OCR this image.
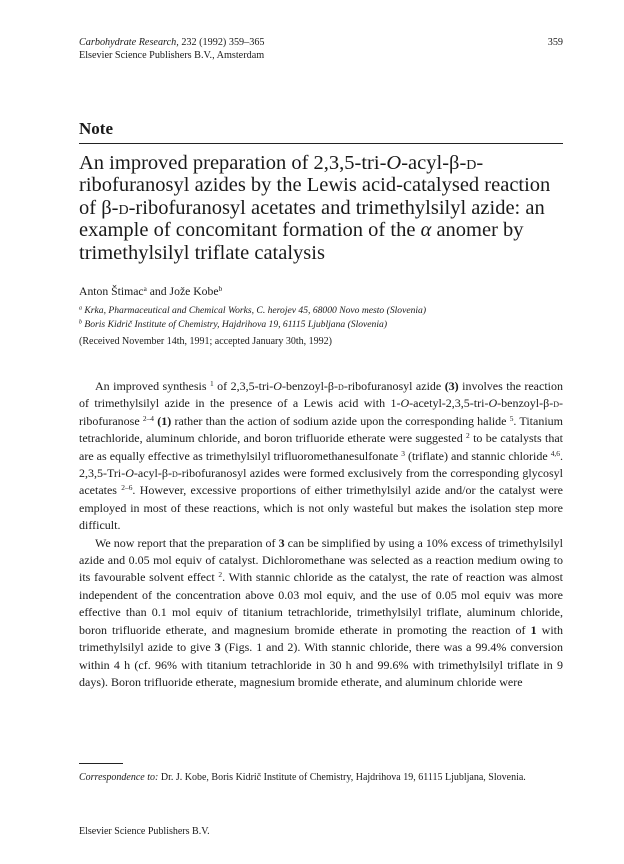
Carbohydrate Research, 232 (1992) 359–365
Elsevier Science Publishers B.V., Amsterdam
359
Note
An improved preparation of 2,3,5-tri-O-acyl-β-d-ribofuranosyl azides by the Lewis acid-catalysed reaction of β-d-ribofuranosyl acetates and trimethylsilyl azide: an example of concomitant formation of the α anomer by trimethylsilyl triflate catalysis
Anton Štimac$^a$ and Jože Kobe$^b$
$^a$ Krka, Pharmaceutical and Chemical Works, C. herojev 45, 68000 Novo mesto (Slovenia)
$^b$ Boris Kidrič Institute of Chemistry, Hajdrihova 19, 61115 Ljubljana (Slovenia)
(Received November 14th, 1991; accepted January 30th, 1992)

An improved synthesis $^1$ of 2,3,5-tri-O-benzoyl-β-d-ribofuranosyl azide (3) involves the reaction of trimethylsilyl azide in the presence of a Lewis acid with 1-O-acetyl-2,3,5-tri-O-benzoyl-β-d-ribofuranose $^{2-4}$ (1) rather than the action of sodium azide upon the corresponding halide $^5$. Titanium tetrachloride, aluminum chloride, and boron trifluoride etherate were suggested $^2$ to be catalysts that are as equally effective as trimethylsilyl trifluoromethanesulfonate $^3$ (triflate) and stannic chloride $^{4,6}$. 2,3,5-Tri-O-acyl-β-d-ribofuranosyl azides were formed exclusively from the corresponding glycosyl acetates $^{2-6}$. However, excessive proportions of either trimethylsilyl azide and/or the catalyst were employed in most of these reactions, which is not only wasteful but makes the isolation step more difficult.

We now report that the preparation of 3 can be simplified by using a 10% excess of trimethylsilyl azide and 0.05 mol equiv of catalyst. Dichloromethane was selected as a reaction medium owing to its favourable solvent effect $^2$. With stannic chloride as the catalyst, the rate of reaction was almost independent of the concentration above 0.03 mol equiv, and the use of 0.05 mol equiv was more effective than 0.1 mol equiv of titanium tetrachloride, trimethylsilyl triflate, aluminum chloride, boron trifluoride etherate, and magnesium bromide etherate in promoting the reaction of 1 with trimethylsilyl azide to give 3 (Figs. 1 and 2). With stannic chloride, there was a 99.4% conversion within 4 h (cf. 96% with titanium tetrachloride in 30 h and 99.6% with trimethylsilyl triflate in 9 days). Boron trifluoride etherate, magnesium bromide etherate, and aluminum chloride were

Correspondence to: Dr. J. Kobe, Boris Kidrič Institute of Chemistry, Hajdrihova 19, 61115 Ljubljana, Slovenia.
Elsevier Science Publishers B.V.
